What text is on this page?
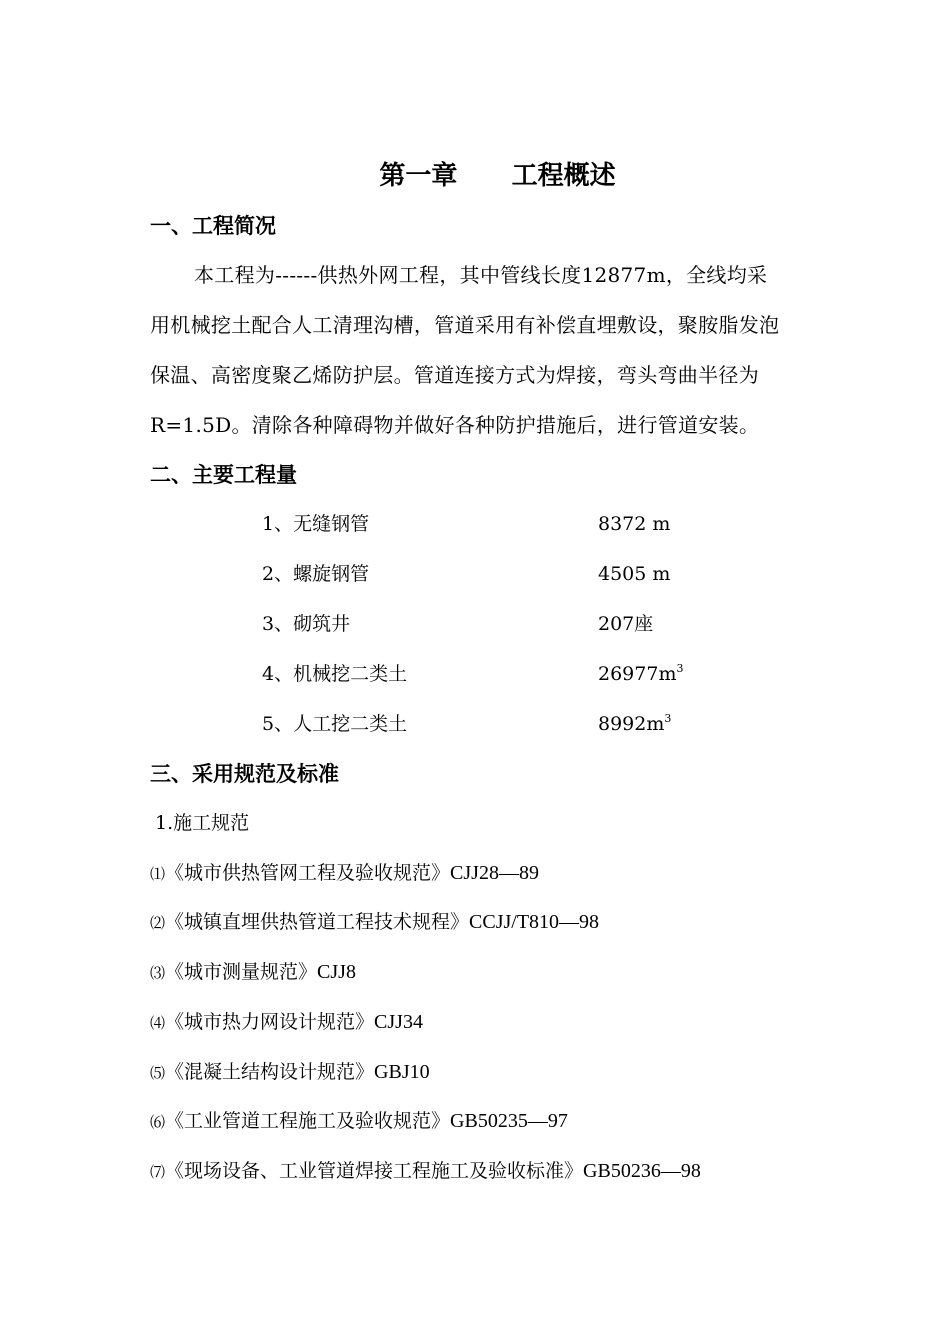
第一章      工程概述
一、工程简况
本工程为------供热外网工程，其中管线长度12877m，全线均采
用机械挖土配合人工清理沟槽，管道采用有补偿直埋敷设，聚胺脂发泡
保温、高密度聚乙烯防护层。管道连接方式为焊接，弯头弯曲半径为
R=1.5D。清除各种障碍物并做好各种防护措施后，进行管道安装。
二、主要工程量
1、无缝钢管	8372 m
2、螺旋钢管	4505 m
3、砌筑井	207座
4、机械挖二类土	$26977m^3$
5、人工挖二类土	$8992m^3$
三、采用规范及标准
1.施工规范
⑴《城市供热管网工程及验收规范》CJJ28—89
⑵《城镇直埋供热管道工程技术规程》CCJJ/T810—98
⑶《城市测量规范》CJJ8
⑷《城市热力网设计规范》CJJ34
⑸《混凝土结构设计规范》GBJ10
⑹《工业管道工程施工及验收规范》GB50235—97
⑺《现场设备、工业管道焊接工程施工及验收标准》GB50236—98
